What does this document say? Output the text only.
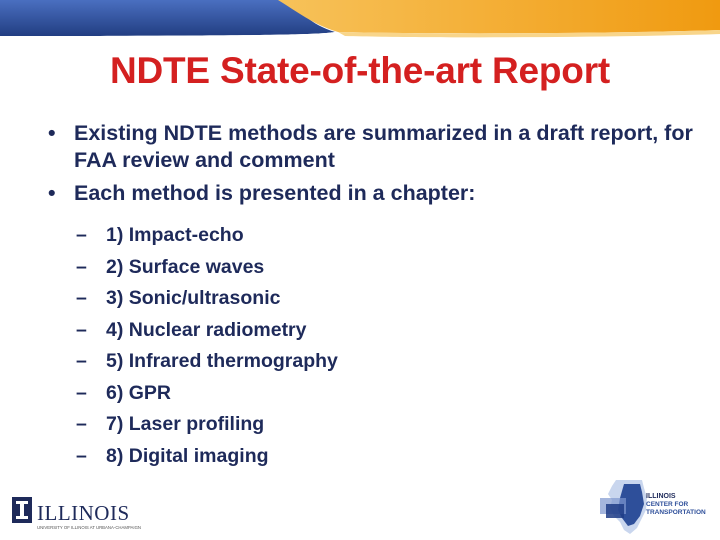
NDTE State-of-the-art Report
• Existing NDTE methods are summarized in a draft report, for FAA review and comment
• Each method is presented in a chapter:
– 1) Impact-echo
– 2) Surface waves
– 3) Sonic/ultrasonic
– 4) Nuclear radiometry
– 5) Infrared thermography
– 6) GPR
– 7) Laser profiling
– 8) Digital imaging
ILLINOIS
UNIVERSITY OF ILLINOIS AT URBANA-CHAMPAIGN
ILLINOIS
CENTER FOR
TRANSPORTATION
